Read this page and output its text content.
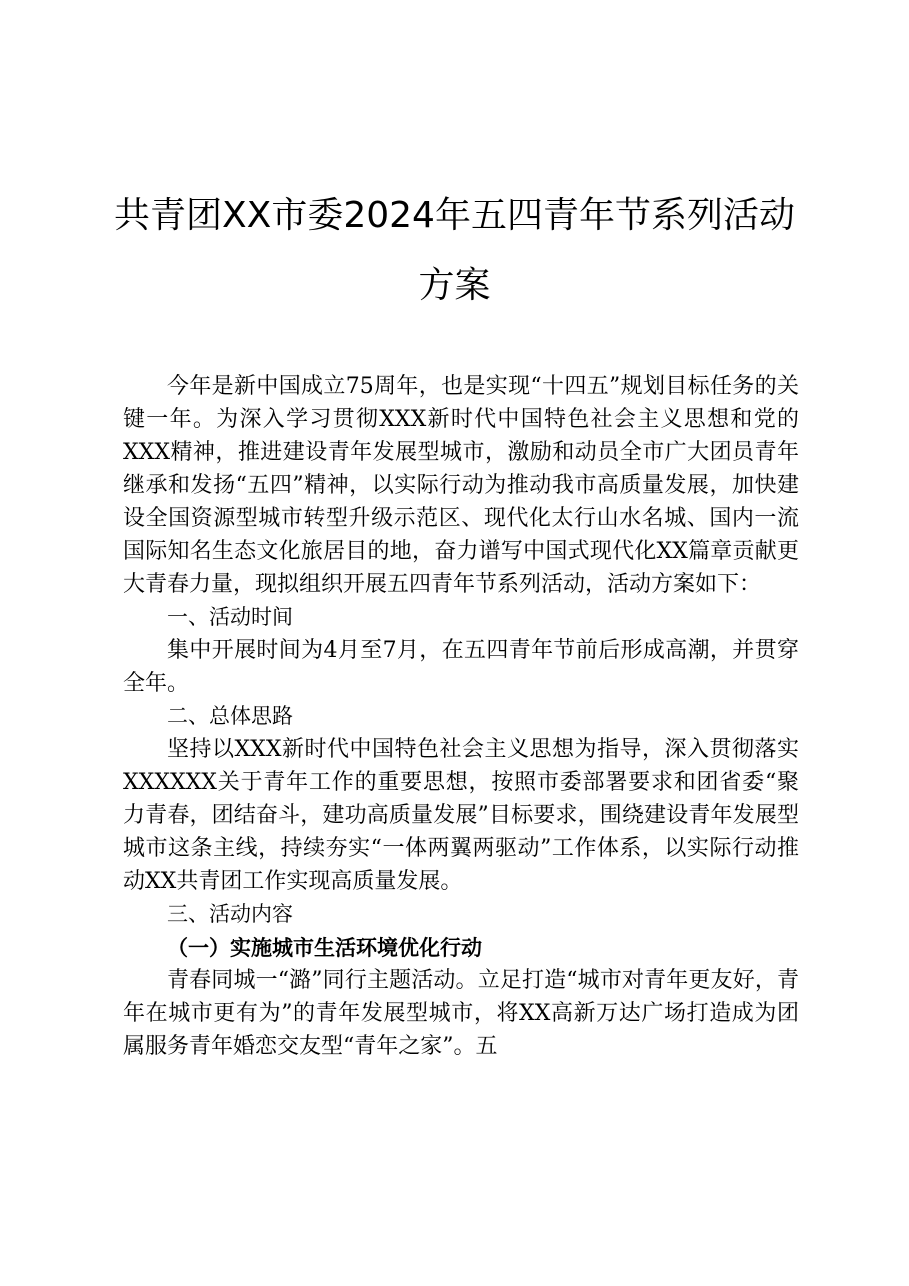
共青团XX市委2024年五四青年节系列活动
方案

今年是新中国成立75周年，也是实现“十四五”规划目标任务的关键一年。为深入学习贯彻XXX新时代中国特色社会主义思想和党的XXX精神，推进建设青年发展型城市，激励和动员全市广大团员青年继承和发扬“五四”精神，以实际行动为推动我市高质量发展，加快建设全国资源型城市转型升级示范区、现代化太行山水名城、国内一流国际知名生态文化旅居目的地，奋力谱写中国式现代化XX篇章贡献更大青春力量，现拟组织开展五四青年节系列活动，活动方案如下：

一、活动时间

集中开展时间为4月至7月，在五四青年节前后形成高潮，并贯穿全年。

二、总体思路

坚持以XXX新时代中国特色社会主义思想为指导，深入贯彻落实XXXXXX关于青年工作的重要思想，按照市委部署要求和团省委“聚力青春，团结奋斗，建功高质量发展”目标要求，围绕建设青年发展型城市这条主线，持续夯实“一体两翼两驱动”工作体系，以实际行动推动XX共青团工作实现高质量发展。

三、活动内容

（一）实施城市生活环境优化行动

青春同城一“潞”同行主题活动。立足打造“城市对青年更友好，青年在城市更有为”的青年发展型城市，将XX高新万达广场打造成为团属服务青年婚恋交友型“青年之家”。五
